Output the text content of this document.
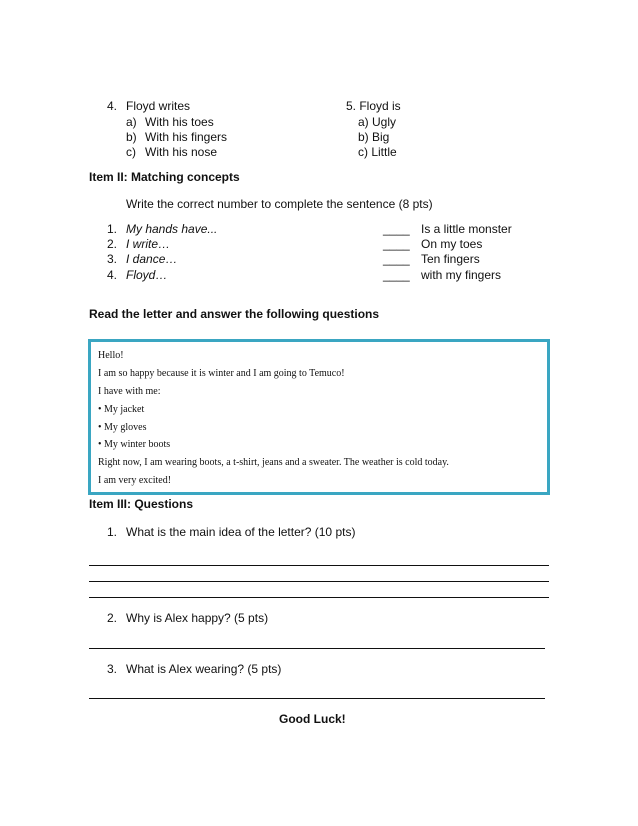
4. Floyd writes
a) With his toes
b) With his fingers
c) With his nose
5. Floyd is
a) Ugly
b) Big
c) Little
Item II: Matching concepts
Write the correct number to complete the sentence (8 pts)
1. My hands have...
2. I write…
3. I dance…
4. Floyd…
____
____
____
____
Is a little monster
On my toes
Ten fingers
with my fingers
Read the letter and answer the following questions
Hello!
I am so happy because it is winter and I am going to Temuco!
I have with me:
• My jacket
• My gloves
• My winter boots
Right now, I am wearing boots, a t-shirt, jeans and a sweater. The weather is cold today.
I am very excited!
Item III: Questions
1. What is the main idea of the letter? (10 pts)
2. Why is Alex happy? (5 pts)
3. What is Alex wearing? (5 pts)
Good Luck!
